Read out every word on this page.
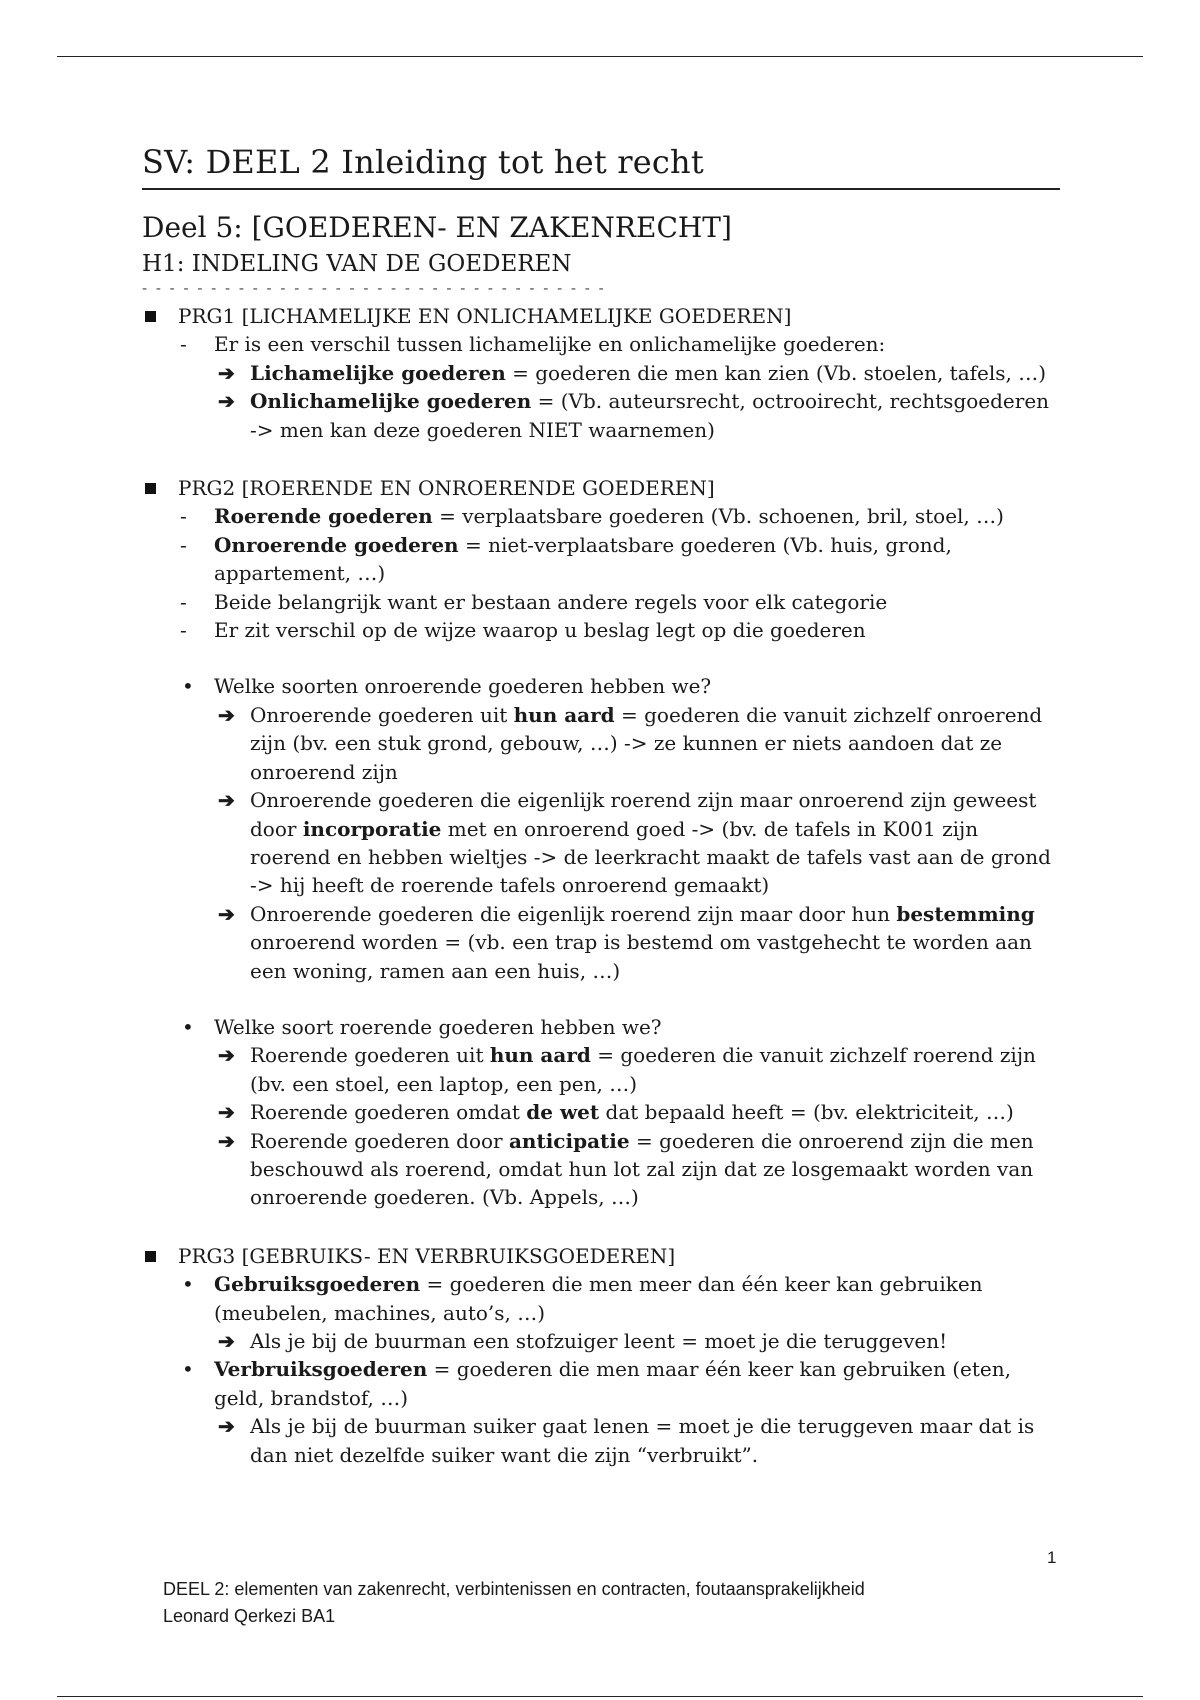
SV: DEEL 2 Inleiding tot het recht
Deel 5: [GOEDEREN- EN ZAKENRECHT]
H1: INDELING VAN DE GOEDEREN
- - - - - - - - - - - - - - - - - - - - - - - - - - - - - - - - - -
PRG1 [LICHAMELIJKE EN ONLICHAMELIJKE GOEDEREN]
- Er is een verschil tussen lichamelijke en onlichamelijke goederen:
➔ Lichamelijke goederen = goederen die men kan zien (Vb. stoelen, tafels, …)
➔ Onlichamelijke goederen = (Vb. auteursrecht, octrooirecht, rechtsgoederen -> men kan deze goederen NIET waarnemen)
PRG2 [ROERENDE EN ONROERENDE GOEDEREN]
- Roerende goederen = verplaatsbare goederen (Vb. schoenen, bril, stoel, …)
- Onroerende goederen = niet-verplaatsbare goederen (Vb. huis, grond, appartement, …)
- Beide belangrijk want er bestaan andere regels voor elk categorie
- Er zit verschil op de wijze waarop u beslag legt op die goederen
• Welke soorten onroerende goederen hebben we?
➔ Onroerende goederen uit hun aard = goederen die vanuit zichzelf onroerend zijn (bv. een stuk grond, gebouw, …) -> ze kunnen er niets aandoen dat ze onroerend zijn
➔ Onroerende goederen die eigenlijk roerend zijn maar onroerend zijn geweest door incorporatie met en onroerend goed -> (bv. de tafels in K001 zijn roerend en hebben wieltjes -> de leerkracht maakt de tafels vast aan de grond -> hij heeft de roerende tafels onroerend gemaakt)
➔ Onroerende goederen die eigenlijk roerend zijn maar door hun bestemming onroerend worden = (vb. een trap is bestemd om vastgehecht te worden aan een woning, ramen aan een huis, …)
• Welke soort roerende goederen hebben we?
➔ Roerende goederen uit hun aard = goederen die vanuit zichzelf roerend zijn (bv. een stoel, een laptop, een pen, …)
➔ Roerende goederen omdat de wet dat bepaald heeft = (bv. elektriciteit, …)
➔ Roerende goederen door anticipatie = goederen die onroerend zijn die men beschouwd als roerend, omdat hun lot zal zijn dat ze losgemaakt worden van onroerende goederen. (Vb. Appels, …)
PRG3 [GEBRUIKS- EN VERBRUIKSGOEDEREN]
• Gebruiksgoederen = goederen die men meer dan één keer kan gebruiken (meubelen, machines, auto’s, …)
➔ Als je bij de buurman een stofzuiger leent = moet je die teruggeven!
• Verbruiksgoederen = goederen die men maar één keer kan gebruiken (eten, geld, brandstof, …)
➔ Als je bij de buurman suiker gaat lenen = moet je die teruggeven maar dat is dan niet dezelfde suiker want die zijn “verbruikt”.
1
DEEL 2: elementen van zakenrecht, verbintenissen en contracten, foutaansprakelijkheid
Leonard Qerkezi BA1
